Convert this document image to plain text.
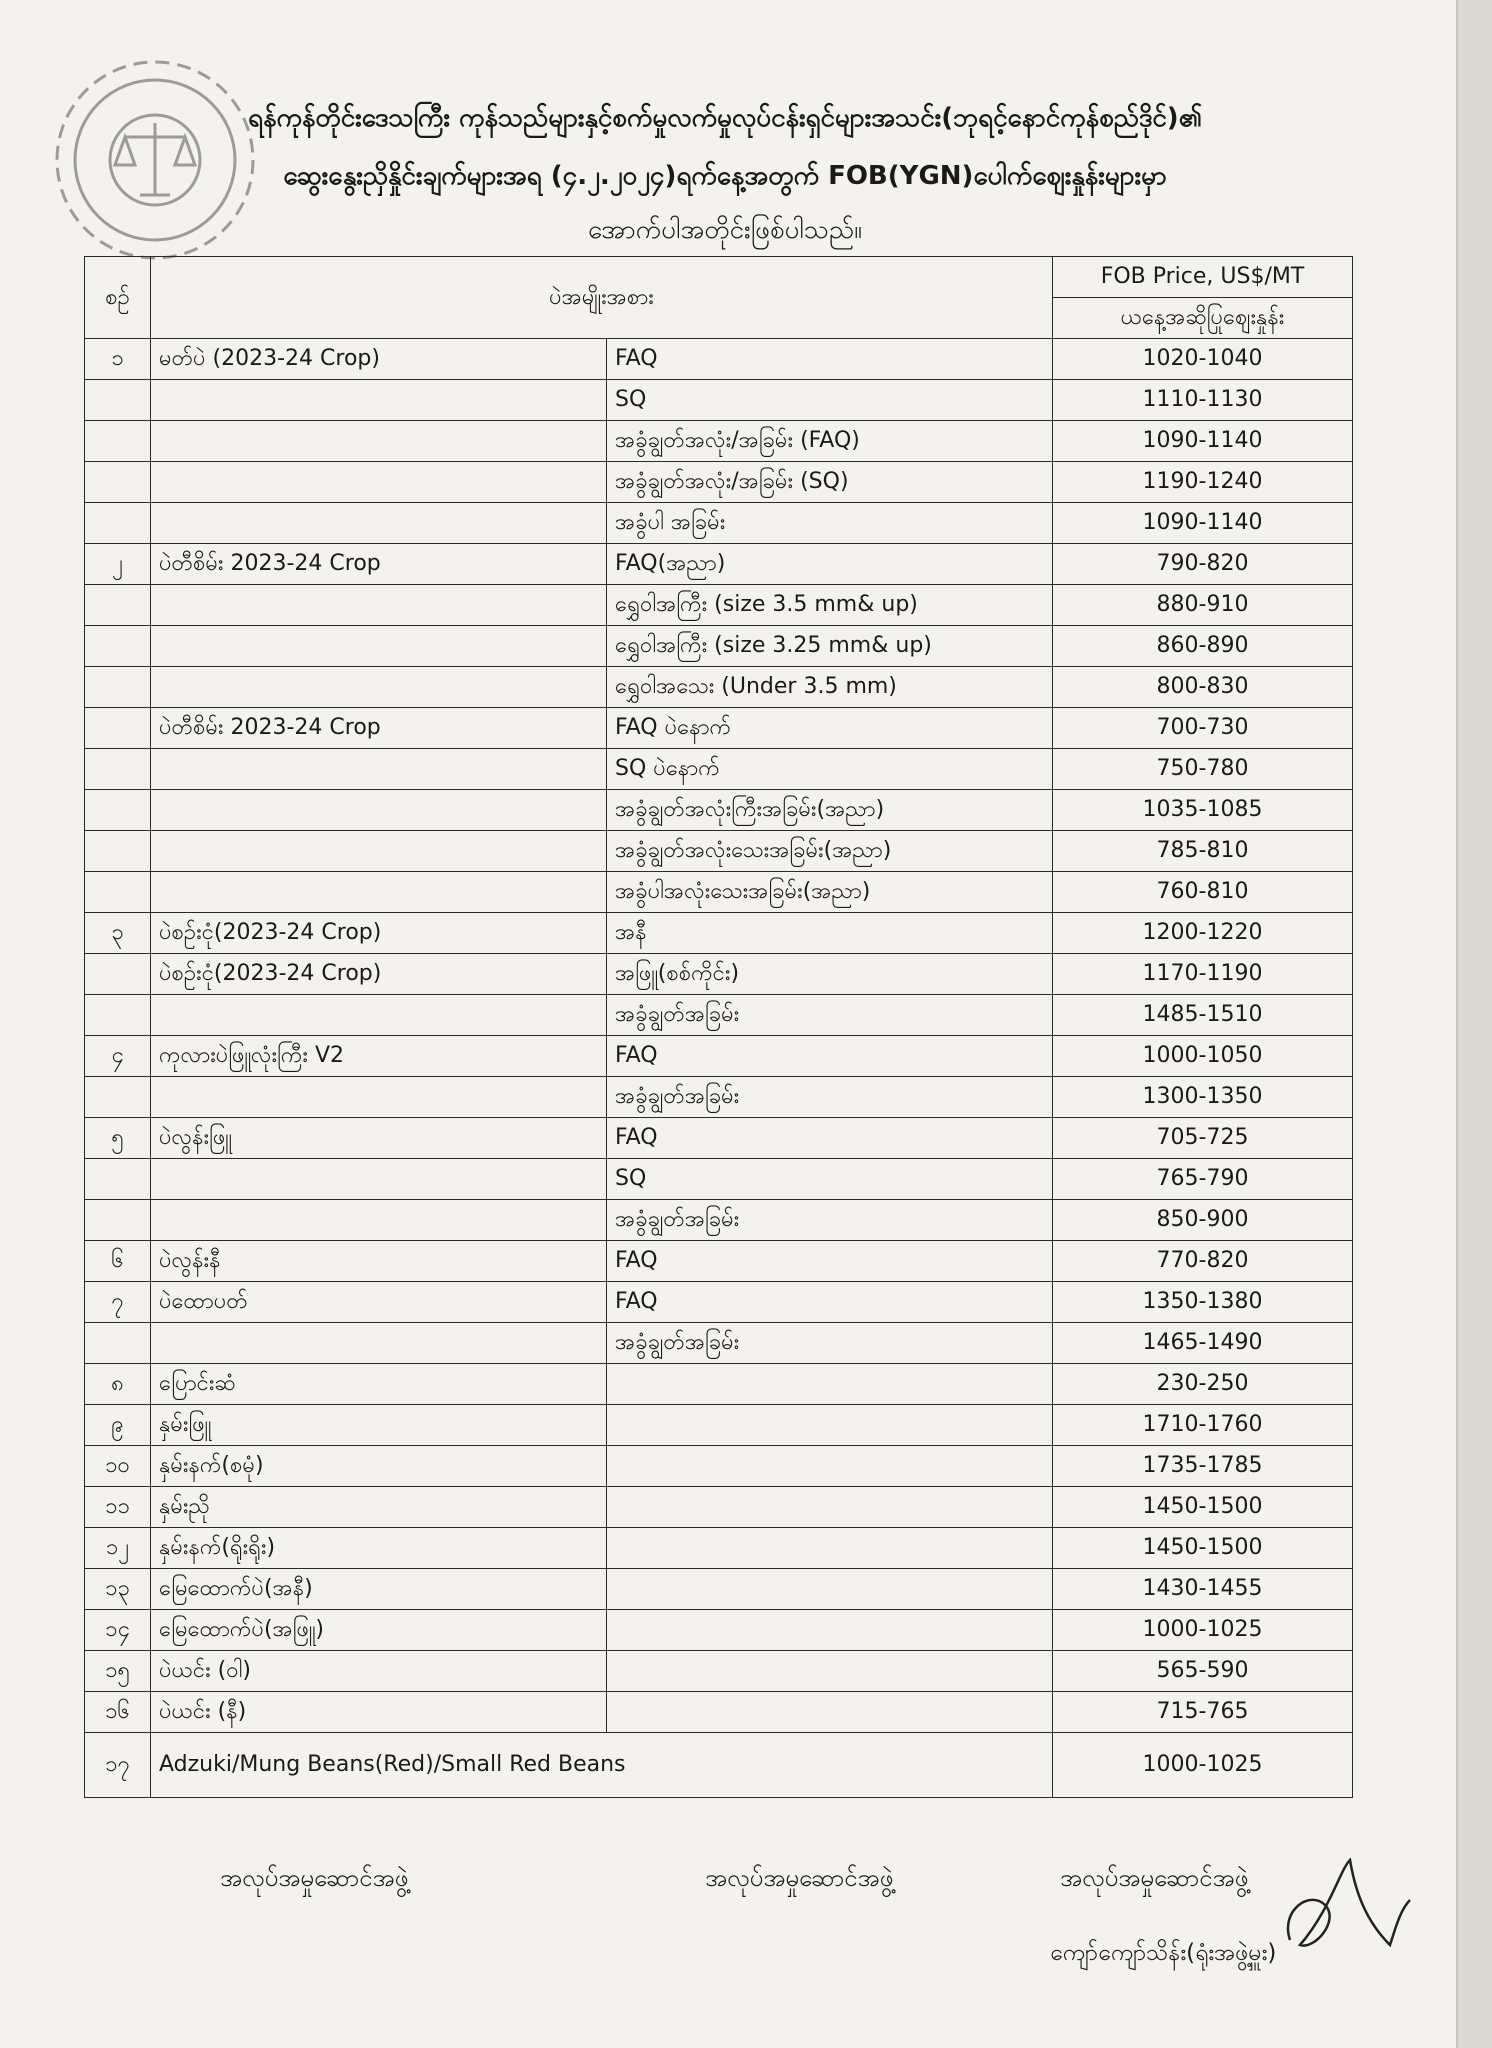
ရန်ကုန်တိုင်းဒေသကြီး ကုန်သည်များနှင့်စက်မှုလက်မှုလုပ်ငန်းရှင်များအသင်း(ဘုရင့်နောင်ကုန်စည်ဒိုင်)၏
ဆွေးနွေးညှိနှိုင်းချက်များအရ (၄.၂.၂၀၂၄)ရက်နေ့အတွက် FOB(YGN)ပေါက်ဈေးနှုန်းများမှာ
အောက်ပါအတိုင်းဖြစ်ပါသည်။
စဉ်	ပဲအမျိုးအစား		FOB Price, US$/MT
			ယနေ့အဆိုပြုဈေးနှုန်း
၁	မတ်ပဲ (2023-24 Crop)	FAQ	1020-1040
		SQ	1110-1130
		အခွံချွတ်အလုံး/အခြမ်း (FAQ)	1090-1140
		အခွံချွတ်အလုံး/အခြမ်း (SQ)	1190-1240
		အခွံပါ အခြမ်း	1090-1140
၂	ပဲတီစိမ်း 2023-24 Crop	FAQ(အညာ)	790-820
		ရွှေဝါအကြီး (size 3.5 mm& up)	880-910
		ရွှေဝါအကြီး (size 3.25 mm& up)	860-890
		ရွှေဝါအသေး (Under 3.5 mm)	800-830
	ပဲတီစိမ်း 2023-24 Crop	FAQ ပဲနောက်	700-730
		SQ ပဲနောက်	750-780
		အခွံချွတ်အလုံးကြီးအခြမ်း(အညာ)	1035-1085
		အခွံချွတ်အလုံးသေးအခြမ်း(အညာ)	785-810
		အခွံပါအလုံးသေးအခြမ်း(အညာ)	760-810
၃	ပဲစဉ်းငုံ(2023-24 Crop)	အနီ	1200-1220
	ပဲစဉ်းငုံ(2023-24 Crop)	အဖြူ(စစ်ကိုင်း)	1170-1190
		အခွံချွတ်အခြမ်း	1485-1510
၄	ကုလားပဲဖြူလုံးကြီး V2	FAQ	1000-1050
		အခွံချွတ်အခြမ်း	1300-1350
၅	ပဲလွန်းဖြူ	FAQ	705-725
		SQ	765-790
		အခွံချွတ်အခြမ်း	850-900
၆	ပဲလွန်းနီ	FAQ	770-820
၇	ပဲထောပတ်	FAQ	1350-1380
		အခွံချွတ်အခြမ်း	1465-1490
၈	ပြောင်းဆံ		230-250
၉	နှမ်းဖြူ		1710-1760
၁၀	နှမ်းနက်(စမုံ)		1735-1785
၁၁	နှမ်းညို		1450-1500
၁၂	နှမ်းနက်(ရိုးရိုး)		1450-1500
၁၃	မြေထောက်ပဲ(အနီ)		1430-1455
၁၄	မြေထောက်ပဲ(အဖြူ)		1000-1025
၁၅	ပဲယင်း (ဝါ)		565-590
၁၆	ပဲယင်း (နီ)		715-765
၁၇	Adzuki/Mung Beans(Red)/Small Red Beans		1000-1025
အလုပ်အမှုဆောင်အဖွဲ့	အလုပ်အမှုဆောင်အဖွဲ့	အလုပ်အမှုဆောင်အဖွဲ့
ကျော်ကျော်သိန်း(ရုံးအဖွဲ့မှူး)
